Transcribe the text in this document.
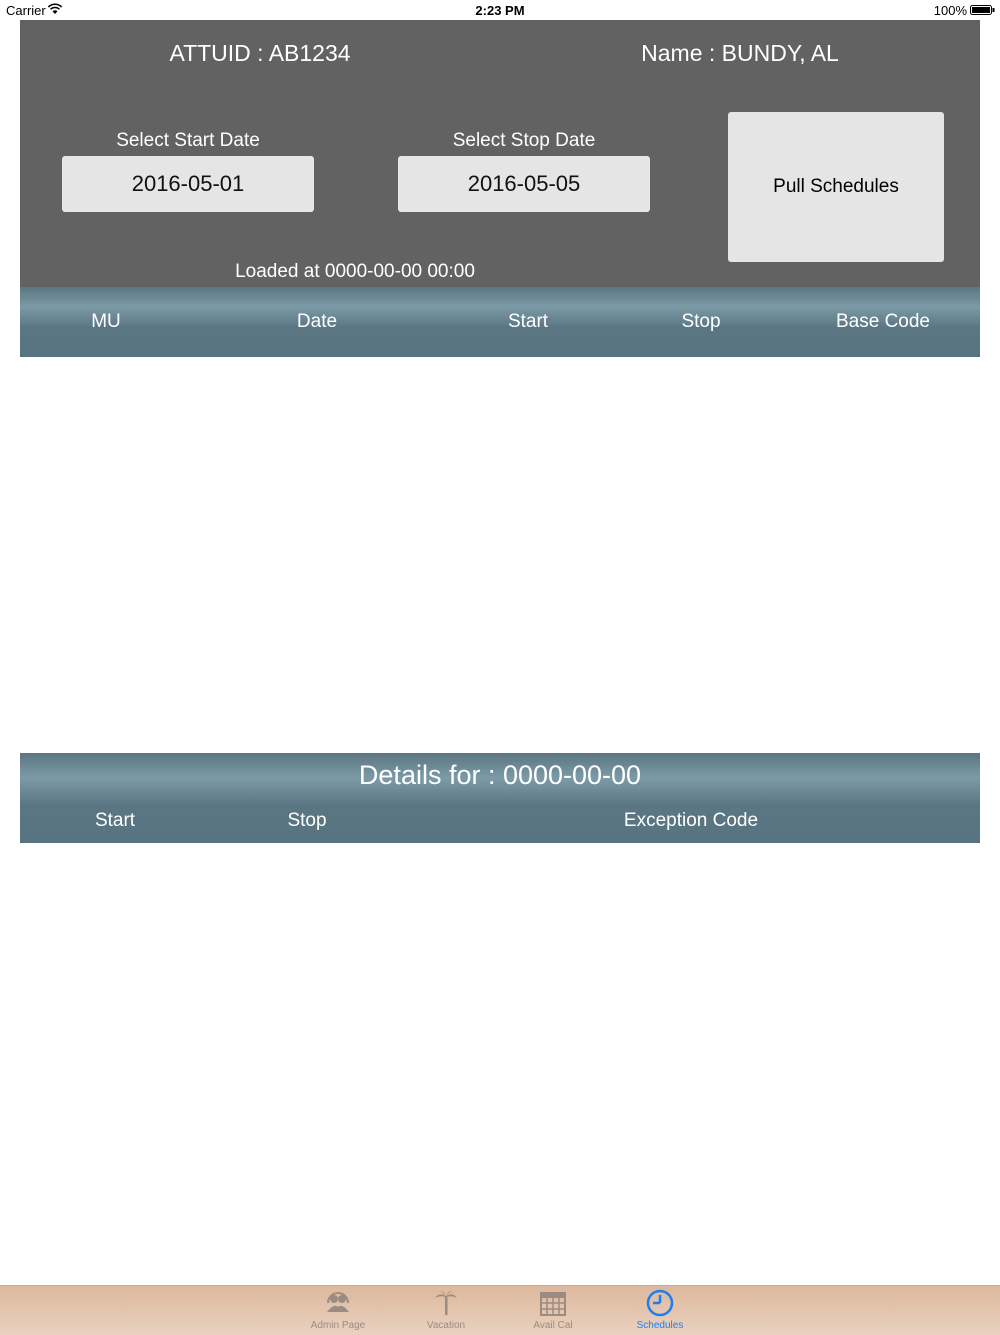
Carrier	2:23 PM	100%
ATTUID : AB1234	Name : BUNDY, AL
Select Start Date
2016-05-01
Select Stop Date
2016-05-05	Pull Schedules
Loaded at 0000-00-00 00:00
MU	Date	Start	Stop	Base Code
Details for : 0000-00-00
Start	Stop	Exception Code
Admin Page	Vacation	Avail Cal	Schedules
